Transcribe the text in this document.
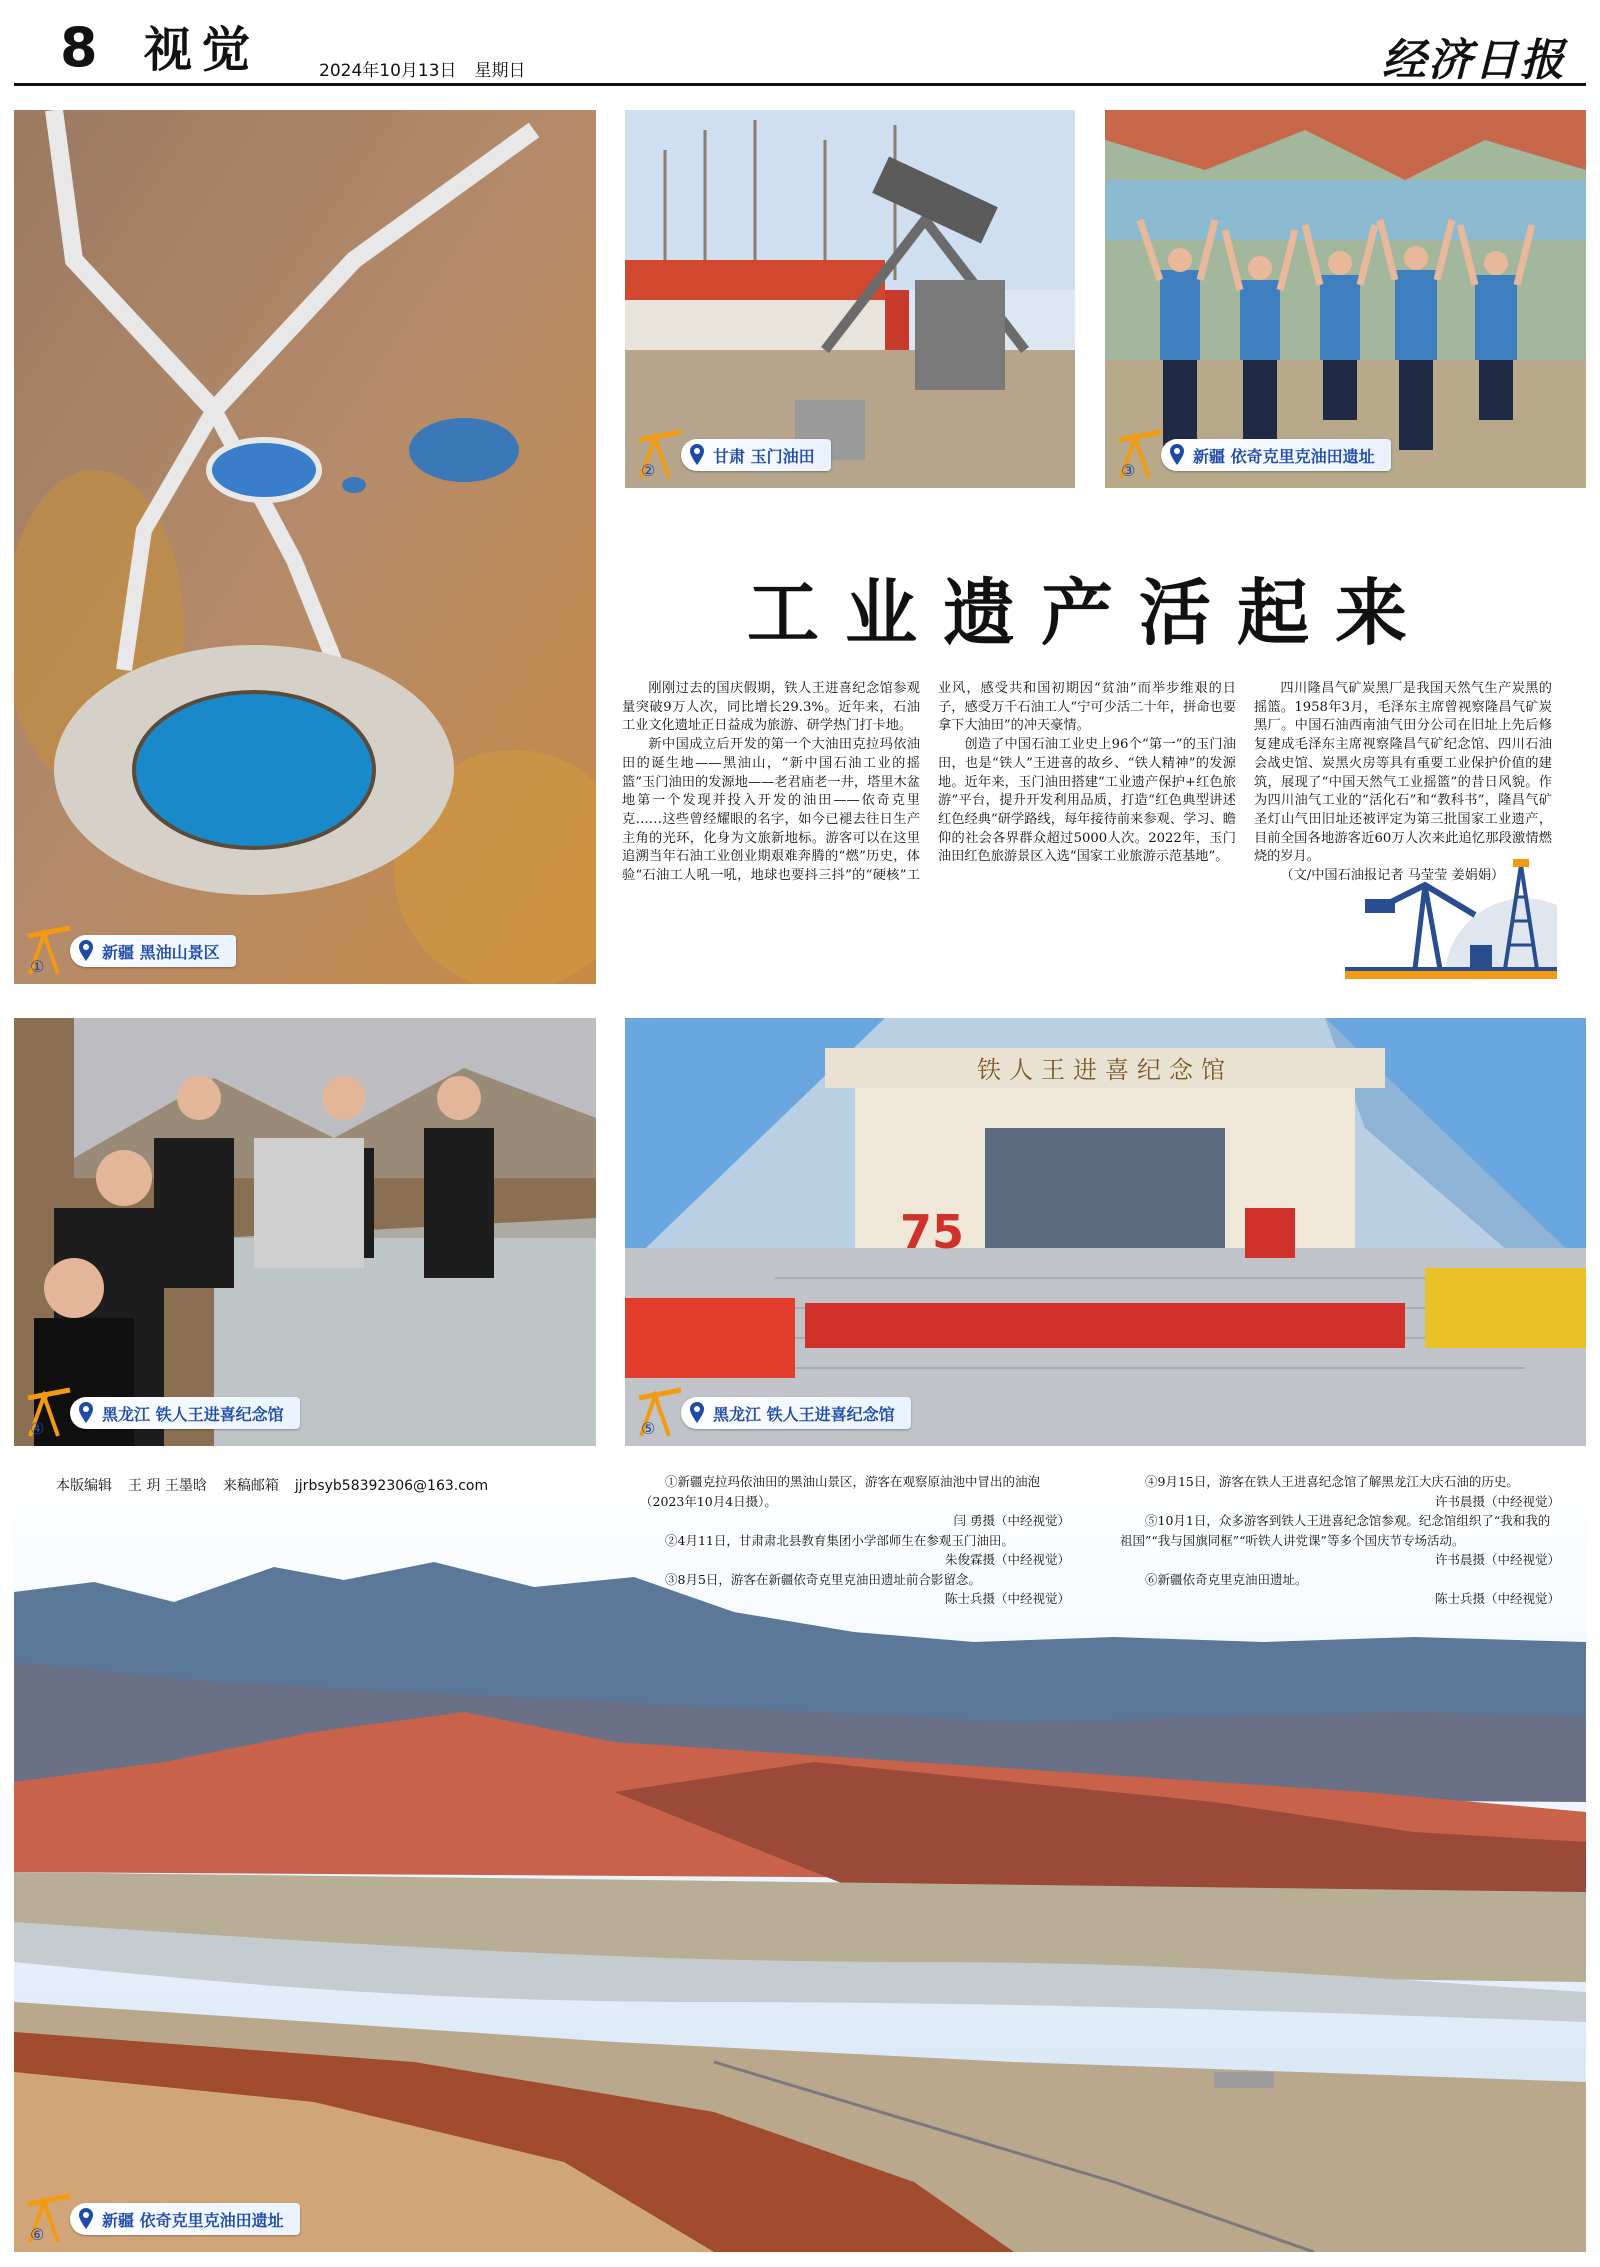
8 视觉	2024年10月13日 星期日	经济日报
①
新疆 黑油山景区
②
甘肃 玉门油田
③
新疆 依奇克里克油田遗址
工业遗产活起来

刚刚过去的国庆假期，铁人王进喜纪念馆参观量突破9万人次，同比增长29.3%。近年来，石油工业文化遗址正日益成为旅游、研学热门打卡地。

新中国成立后开发的第一个大油田克拉玛依油田的诞生地——黑油山，“新中国石油工业的摇篮”玉门油田的发源地——老君庙老一井，塔里木盆地第一个发现并投入开发的油田——依奇克里克……这些曾经耀眼的名字，如今已褪去往日生产主角的光环，化身为文旅新地标。游客可以在这里追溯当年石油工业创业期艰难奔腾的“燃”历史，体验“石油工人吼一吼，地球也要抖三抖”的“硬核”工业风，感受共和国初期因“贫油”而举步维艰的日子，感受万千石油工人“宁可少活二十年，拼命也要拿下大油田”的冲天豪情。

创造了中国石油工业史上96个“第一”的玉门油田，也是“铁人”王进喜的故乡、“铁人精神”的发源地。近年来，玉门油田搭建“工业遗产保护+红色旅游”平台，提升开发利用品质，打造“红色典型讲述红色经典”研学路线，每年接待前来参观、学习、瞻仰的社会各界群众超过5000人次。2022年，玉门油田红色旅游景区入选“国家工业旅游示范基地”。

四川隆昌气矿炭黑厂是我国天然气生产炭黑的摇篮。1958年3月，毛泽东主席曾视察隆昌气矿炭黑厂。中国石油西南油气田分公司在旧址上先后修复建成毛泽东主席视察隆昌气矿纪念馆、四川石油会战史馆、炭黑火房等具有重要工业保护价值的建筑，展现了“中国天然气工业摇篮”的昔日风貌。作为四川油气工业的“活化石”和“教科书”，隆昌气矿圣灯山气田旧址还被评定为第三批国家工业遗产，目前全国各地游客近60万人次来此追忆那段激情燃烧的岁月。

（文/中国石油报记者 马莹莹 姜娟娟）
④
黑龙江 铁人王进喜纪念馆
铁人王进喜纪念馆
75
⑤
黑龙江 铁人王进喜纪念馆
⑥
新疆 依奇克里克油田遗址
本版编辑 王 玥 王墨晗 来稿邮箱 jjrbsyb58392306@163.com	①新疆克拉玛依油田的黑油山景区，游客在观察原油池中冒出的油泡（2023年10月4日摄）。

闫 勇摄（中经视觉）

②4月11日，甘肃肃北县教育集团小学部师生在参观玉门油田。

朱俊霖摄（中经视觉）

③8月5日，游客在新疆依奇克里克油田遗址前合影留念。

陈士兵摄（中经视觉）

④9月15日，游客在铁人王进喜纪念馆了解黑龙江大庆石油的历史。

许书晨摄（中经视觉）

⑤10月1日，众多游客到铁人王进喜纪念馆参观。纪念馆组织了“我和我的祖国”“我与国旗同框”“听铁人讲党课”等多个国庆节专场活动。

许书晨摄（中经视觉）

⑥新疆依奇克里克油田遗址。

陈士兵摄（中经视觉）
